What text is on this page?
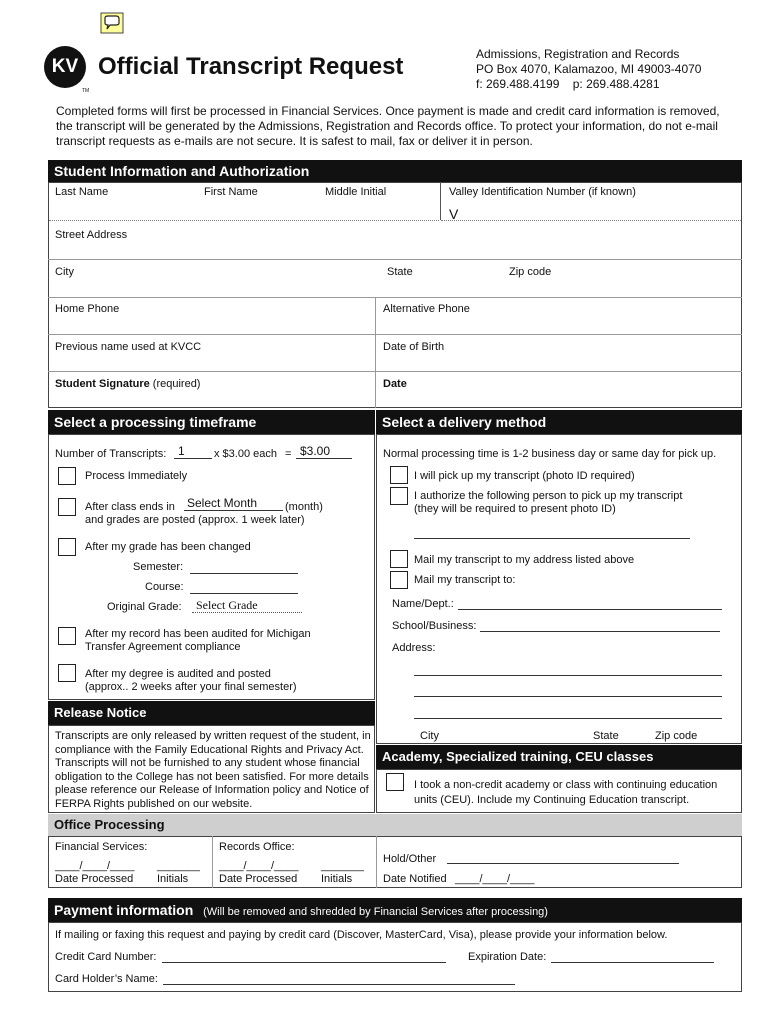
KV
TM
Official Transcript Request	Admissions, Registration and Records
PO Box 4070, Kalamazoo, MI 49003-4070
f: 269.488.4199    p: 269.488.4281
Completed forms will first be processed in Financial Services. Once payment is made and credit card information is removed, the transcript will be generated by the Admissions, Registration and Records office. To protect your information, do not e-mail transcript requests as e-mails are not secure. It is safest to mail, fax or deliver it in person.
Student Information and Authorization
Last Name	First Name	Middle Initial	Valley Identification Number (if known)
V
Street Address
City	State	Zip code
Home Phone	Alternative Phone
Previous name used at KVCC	Date of Birth
Student Signature (required)	Date
Select a processing timeframe
Number of Transcripts: 1	x $3.00 each = $3.00
Process Immediately
After class ends in Select Month	(month)
and grades are posted (approx. 1 week later)
After my grade has been changed
Semester:
Course:
Original Grade:	Select Grade
After my record has been audited for Michigan
Transfer Agreement compliance
After my degree is audited and posted
(approx.. 2 weeks after your final semester)
Release Notice
Transcripts are only released by written request of the student, in compliance with the Family Educational Rights and Privacy Act. Transcripts will not be furnished to any student whose financial obligation to the College has not been satisfied. For more details please reference our Release of Information policy and Notice of FERPA Rights published on our website.
Select a delivery method
Normal processing time is 1-2 business day or same day for pick up.
I will pick up my transcript (photo ID required)
I authorize the following person to pick up my transcript
(they will be required to present photo ID)
Mail my transcript to my address listed above
Mail my transcript to:
Name/Dept.:
School/Business:
Address:
City	State	Zip code
Academy, Specialized training, CEU classes
I took a non-credit academy or class with continuing education
units (CEU). Include my Continuing Education transcript.
Office Processing
Financial Services:
____/____/____ _______
Date Processed Initials
Records Office:
____/____/____ _______
Date Processed Initials
Hold/Other
Date Notified ____/____/____
Payment information (Will be removed and shredded by Financial Services after processing)
If mailing or faxing this request and paying by credit card (Discover, MasterCard, Visa), please provide your information below.
Credit Card Number:	Expiration Date:
Card Holder’s Name:
